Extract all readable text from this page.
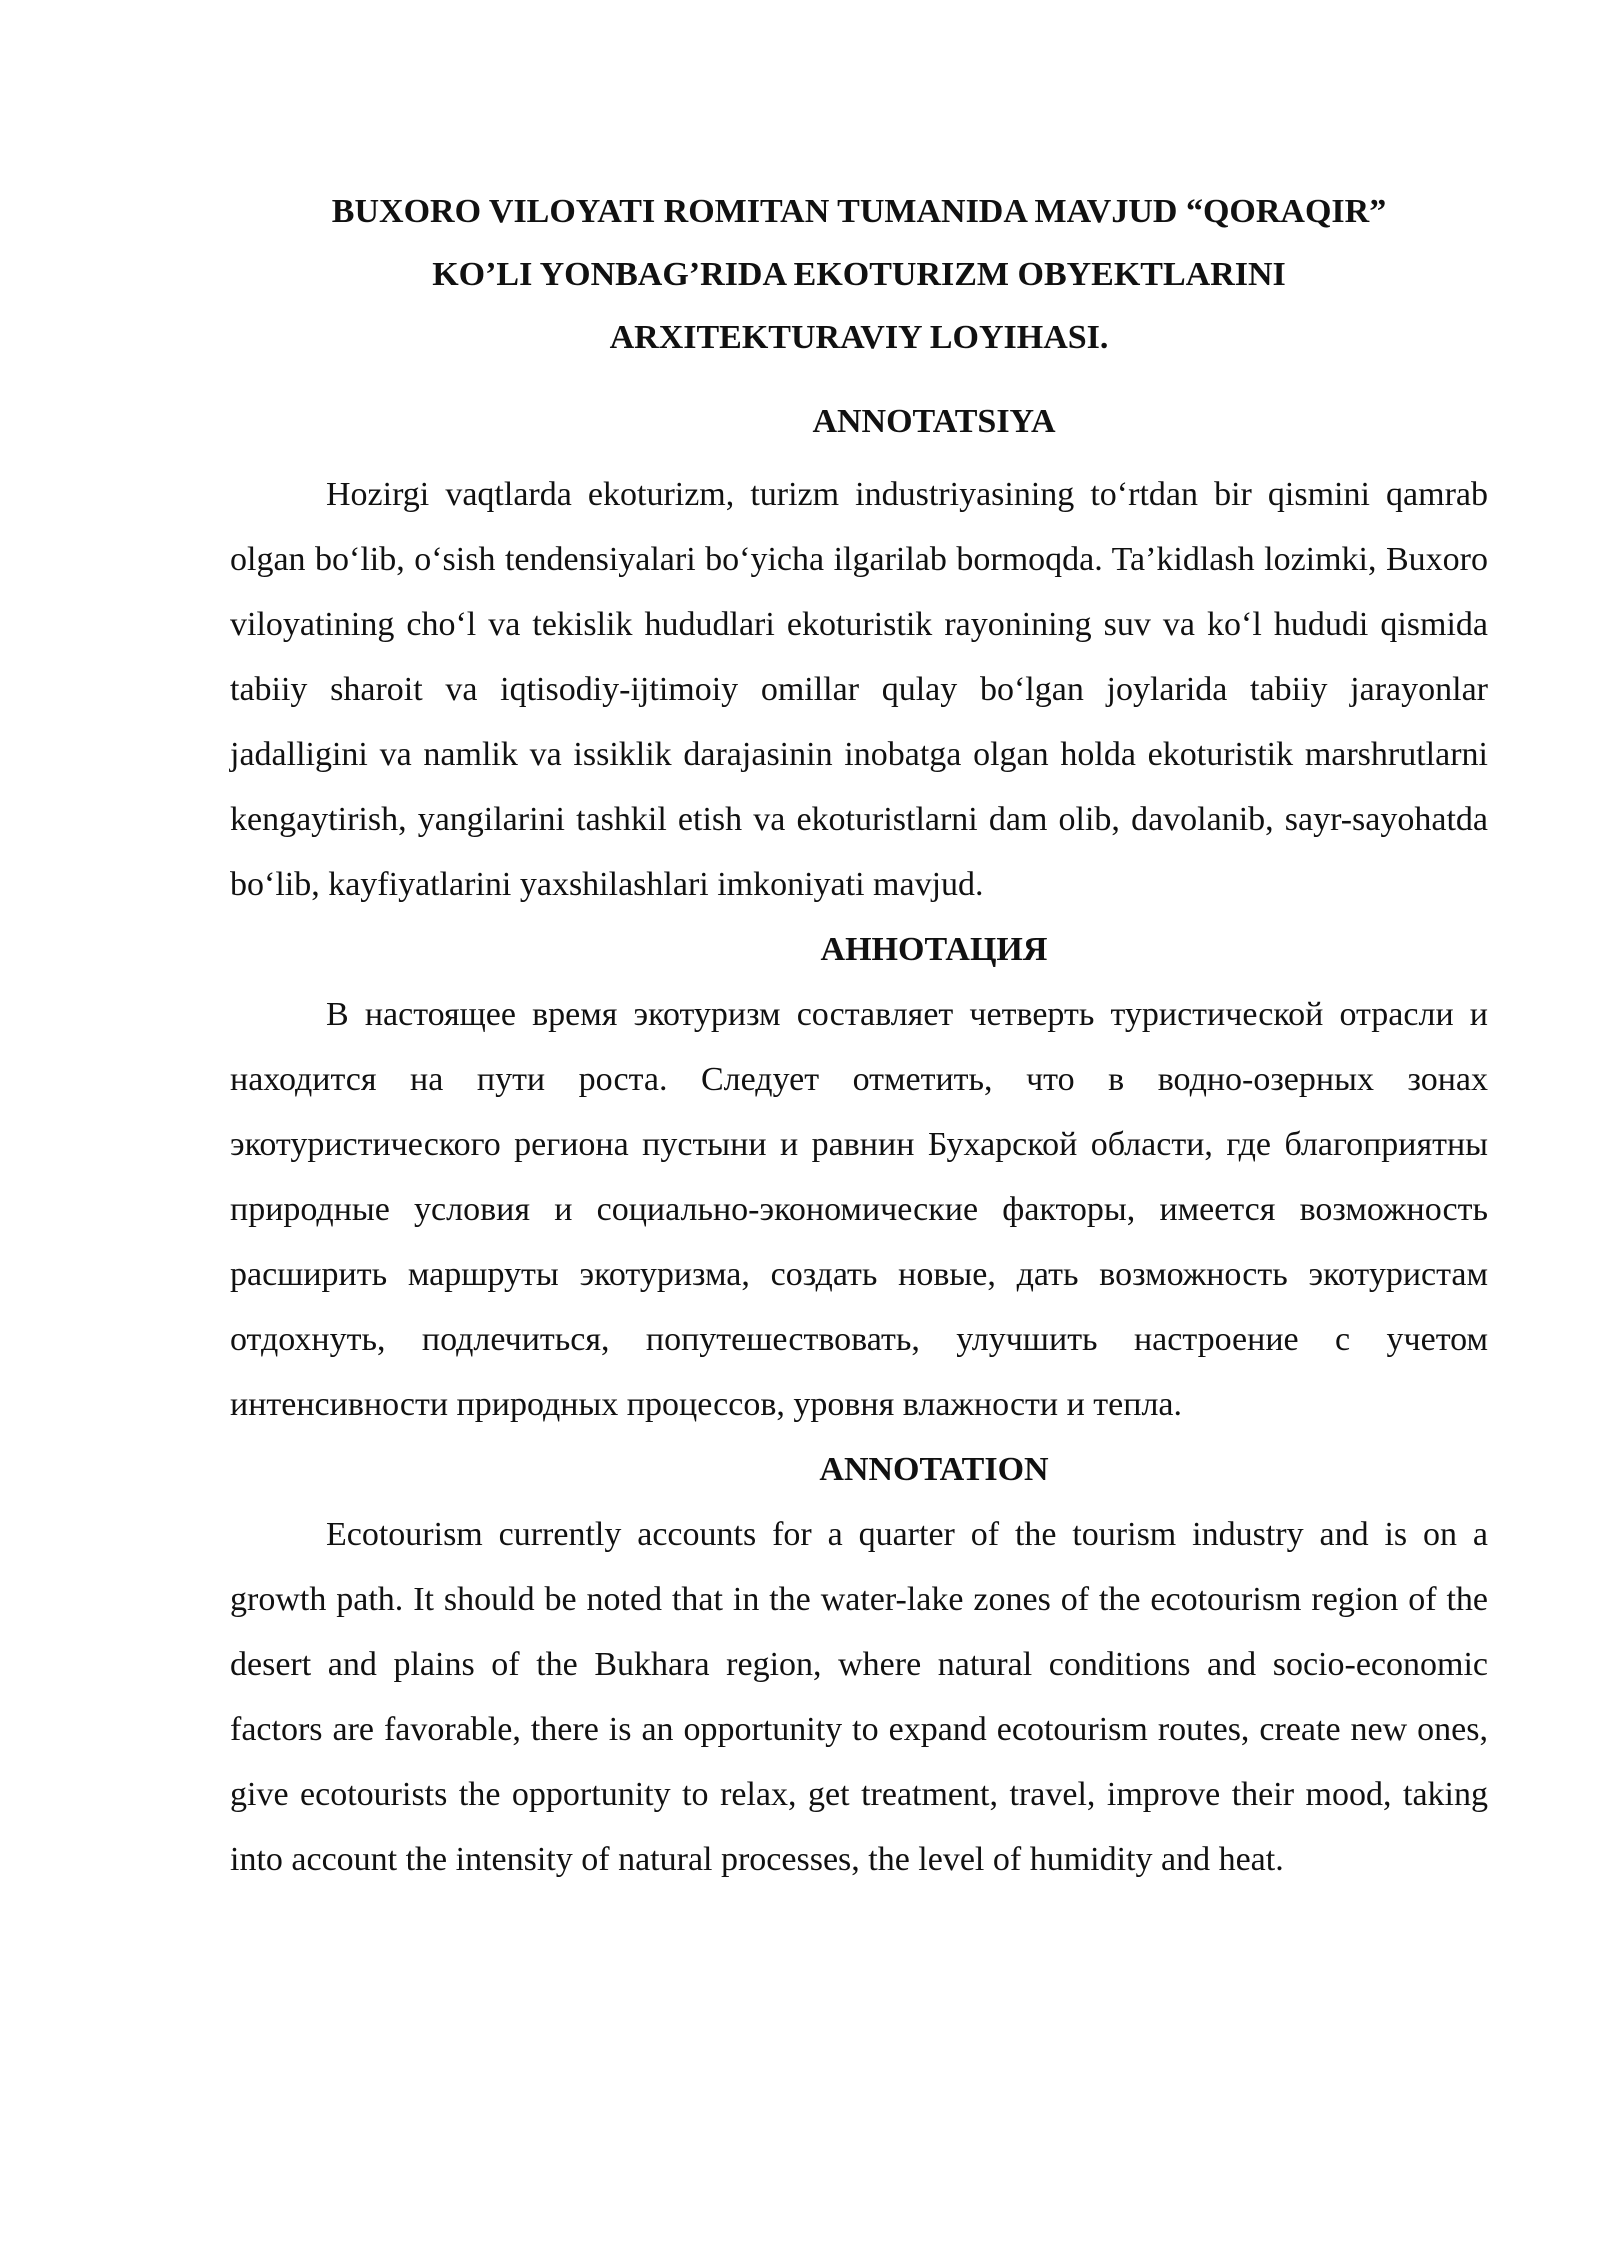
BUXORO VILOYATI ROMITAN TUMANIDA MAVJUD “QORAQIR”
KO’LI YONBAG’RIDA EKOTURIZM OBYEKTLARINI
ARXITEKTURAVIY LOYIHASI.
ANNOTATSIYA

Hozirgi vaqtlarda ekoturizm, turizm industriyasining to‘rtdan bir qismini qamrab olgan bo‘lib, o‘sish tendensiyalari bo‘yicha ilgarilab bormoqda. Ta’kidlash lozimki, Buxoro viloyatining cho‘l va tekislik hududlari ekoturistik rayonining suv va ko‘l hududi qismida tabiiy sharoit va iqtisodiy-ijtimoiy omillar qulay bo‘lgan joylarida tabiiy jarayonlar jadalligini va namlik va issiklik darajasinin inobatga olgan holda ekoturistik marshrutlarni kengaytirish, yangilarini tashkil etish va ekoturistlarni dam olib, davolanib, sayr-sayohatda bo‘lib, kayfiyatlarini yaxshilashlari imkoniyati mavjud.

АННОТАЦИЯ

В настоящее время экотуризм составляет четверть туристической отрасли и находится на пути роста. Следует отметить, что в водно-озерных зонах экотуристического региона пустыни и равнин Бухарской области, где благоприятны природные условия и социально-экономические факторы, имеется возможность расширить маршруты экотуризма, создать новые, дать возможность экотуристам отдохнуть, подлечиться, попутешествовать, улучшить настроение с учетом интенсивности природных процессов, уровня влажности и тепла.

ANNOTATION

Ecotourism currently accounts for a quarter of the tourism industry and is on a growth path. It should be noted that in the water-lake zones of the ecotourism region of the desert and plains of the Bukhara region, where natural conditions and socio-economic factors are favorable, there is an opportunity to expand ecotourism routes, create new ones, give ecotourists the opportunity to relax, get treatment, travel, improve their mood, taking into account the intensity of natural processes, the level of humidity and heat.
